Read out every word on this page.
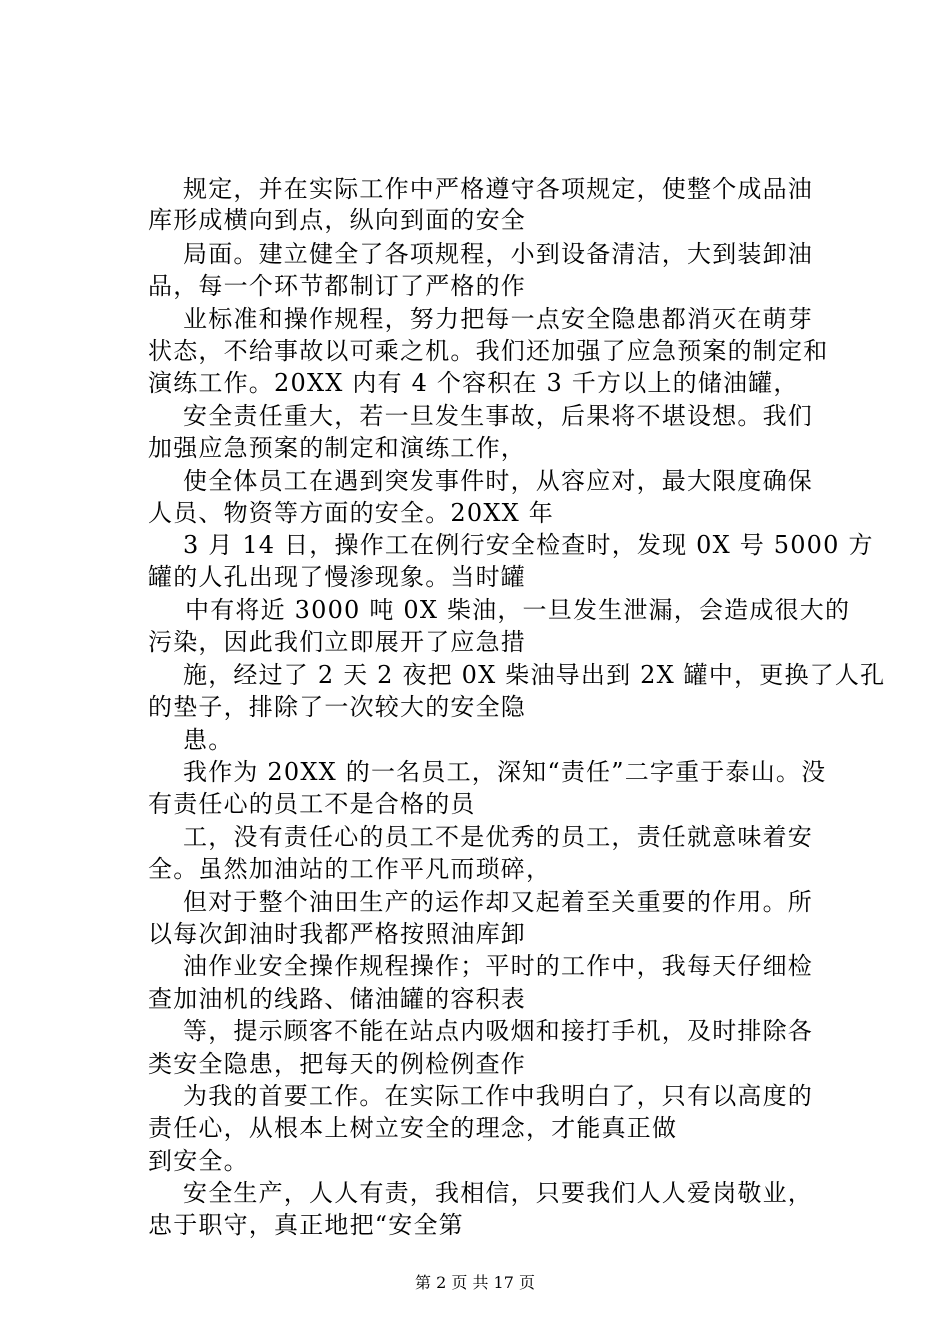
规定，并在实际工作中严格遵守各项规定，使整个成品油
库形成横向到点，纵向到面的安全
局面。建立健全了各项规程，小到设备清洁，大到装卸油
品，每一个环节都制订了严格的作
业标准和操作规程，努力把每一点安全隐患都消灭在萌芽
状态，不给事故以可乘之机。我们还加强了应急预案的制定和
演练工作。20XX 内有 4 个容积在 3 千方以上的储油罐，
安全责任重大，若一旦发生事故，后果将不堪设想。我们
加强应急预案的制定和演练工作，
使全体员工在遇到突发事件时，从容应对，最大限度确保
人员、物资等方面的安全。20XX 年
3 月 14 日，操作工在例行安全检查时，发现 0X 号 5000 方
罐的人孔出现了慢渗现象。当时罐
中有将近 3000 吨 0X 柴油，一旦发生泄漏，会造成很大的
污染，因此我们立即展开了应急措
施，经过了 2 天 2 夜把 0X 柴油导出到 2X 罐中，更换了人孔
的垫子，排除了一次较大的安全隐
患。
我作为 20XX 的一名员工，深知“责任”二字重于泰山。没
有责任心的员工不是合格的员
工，没有责任心的员工不是优秀的员工，责任就意味着安
全。虽然加油站的工作平凡而琐碎，
但对于整个油田生产的运作却又起着至关重要的作用。所
以每次卸油时我都严格按照油库卸
油作业安全操作规程操作；平时的工作中，我每天仔细检
查加油机的线路、储油罐的容积表
等，提示顾客不能在站点内吸烟和接打手机，及时排除各
类安全隐患，把每天的例检例查作
为我的首要工作。在实际工作中我明白了，只有以高度的
责任心，从根本上树立安全的理念，才能真正做
到安全。
安全生产，人人有责，我相信，只要我们人人爱岗敬业，
忠于职守，真正地把“安全第
第 2 页 共 17 页
